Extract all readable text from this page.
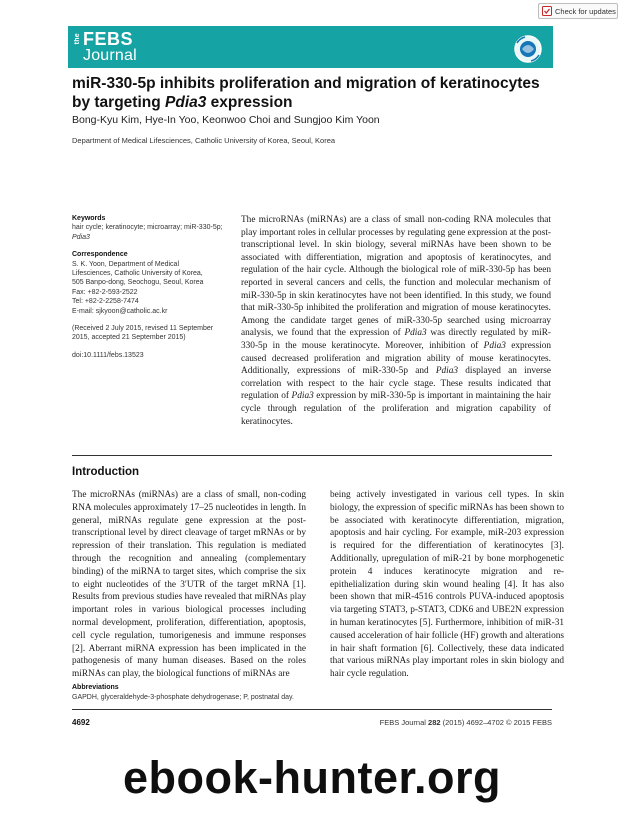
Check for updates
the FEBS
Journal
miR-330-5p inhibits proliferation and migration of keratinocytes by targeting Pdia3 expression
Bong-Kyu Kim, Hye-In Yoo, Keonwoo Choi and Sungjoo Kim Yoon
Department of Medical Lifesciences, Catholic University of Korea, Seoul, Korea
Keywords
hair cycle; keratinocyte; microarray; miR-330-5p; Pdia3
Correspondence
S. K. Yoon, Department of Medical
Lifesciences, Catholic University of Korea,
505 Banpo-dong, Seochogu, Seoul, Korea
Fax: +82-2-593-2522
Tel: +82-2-2258-7474
E-mail: sjkyoon@catholic.ac.kr
(Received 2 July 2015, revised 11 September 2015, accepted 21 September 2015)
doi:10.1111/febs.13523
The microRNAs (miRNAs) are a class of small non-coding RNA molecules that play important roles in cellular processes by regulating gene expression at the post-transcriptional level. In skin biology, several miRNAs have been shown to be associated with differentiation, migration and apoptosis of keratinocytes, and regulation of the hair cycle. Although the biological role of miR-330-5p has been reported in several cancers and cells, the function and molecular mechanism of miR-330-5p in skin keratinocytes have not been identified. In this study, we found that miR-330-5p inhibited the proliferation and migration of mouse keratinocytes. Among the candidate target genes of miR-330-5p searched using microarray analysis, we found that the expression of Pdia3 was directly regulated by miR-330-5p in the mouse keratinocyte. Moreover, inhibition of Pdia3 expression caused decreased proliferation and migration ability of mouse keratinocytes. Additionally, expressions of miR-330-5p and Pdia3 displayed an inverse correlation with respect to the hair cycle stage. These results indicated that regulation of Pdia3 expression by miR-330-5p is important in maintaining the hair cycle through regulation of the proliferation and migration capability of keratinocytes.
Introduction
The microRNAs (miRNAs) are a class of small, non-coding RNA molecules approximately 17–25 nucleotides in length. In general, miRNAs regulate gene expression at the post-transcriptional level by direct cleavage of target mRNAs or by repression of their translation. This regulation is mediated through the recognition and annealing (complementary binding) of the miRNA to target sites, which comprise the six to eight nucleotides of the 3′UTR of the target mRNA [1]. Results from previous studies have revealed that miRNAs play important roles in various biological processes including normal development, proliferation, differentiation, apoptosis, cell cycle regulation, tumorigenesis and immune responses [2]. Aberrant miRNA expression has been implicated in the pathogenesis of many human diseases. Based on the roles miRNAs can play, the biological functions of miRNAs are
being actively investigated in various cell types. In skin biology, the expression of specific miRNAs has been shown to be associated with keratinocyte differentiation, migration, apoptosis and hair cycling. For example, miR-203 expression is required for the differentiation of keratinocytes [3]. Additionally, upregulation of miR-21 by bone morphogenetic protein 4 induces keratinocyte migration and re-epithelialization during skin wound healing [4]. It has also been shown that miR-4516 controls PUVA-induced apoptosis via targeting STAT3, p-STAT3, CDK6 and UBE2N expression in human keratinocytes [5]. Furthermore, inhibition of miR-31 caused acceleration of hair follicle (HF) growth and alterations in hair shaft formation [6]. Collectively, these data indicated that various miRNAs play important roles in skin biology and hair cycle regulation.
Abbreviations
GAPDH, glyceraldehyde-3-phosphate dehydrogenase; P, postnatal day.
4692	FEBS Journal 282 (2015) 4692–4702 © 2015 FEBS
ebook-hunter.org
